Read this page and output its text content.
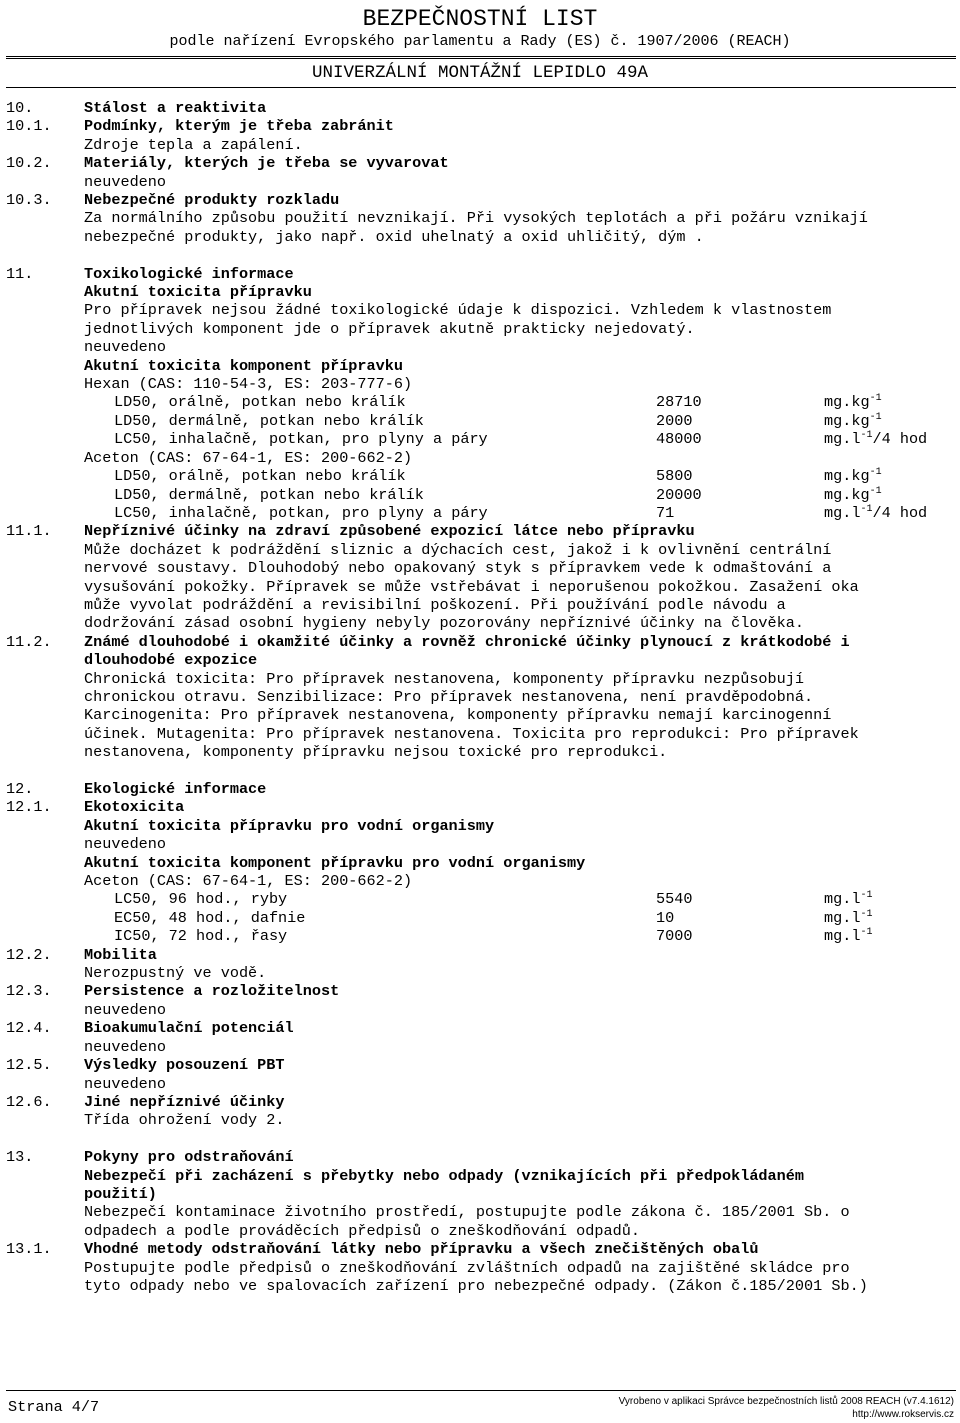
BEZPEČNOSTNÍ LIST
podle nařízení Evropského parlamentu a Rady (ES) č. 1907/2006 (REACH)
UNIVERZÁLNÍ MONTÁŽNÍ LEPIDLO 49A
10.	Stálost a reaktivita
10.1.	Podmínky, kterým je třeba zabránit
Zdroje tepla a zapálení.
10.2.	Materiály, kterých je třeba se vyvarovat
neuvedeno
10.3.	Nebezpečné produkty rozkladu
Za normálního způsobu použití nevznikají. Při vysokých teplotách a při požáru vznikají
nebezpečné produkty, jako např. oxid uhelnatý a oxid uhličitý, dým .
11.	Toxikologické informace
Akutní toxicita přípravku
Pro přípravek nejsou žádné toxikologické údaje k dispozici. Vzhledem k vlastnostem
jednotlivých komponent jde o přípravek akutně prakticky nejedovatý.
neuvedeno
Akutní toxicita komponent přípravku
Hexan (CAS: 110-54-3, ES: 203-777-6)
LD50, orálně, potkan nebo králík	28710	$mg.kg^{-1}$
LD50, dermálně, potkan nebo králík	2000	$mg.kg^{-1}$
LC50, inhalačně, potkan, pro plyny a páry	48000	$mg.l^{-1}/4$ hod
Aceton (CAS: 67-64-1, ES: 200-662-2)
LD50, orálně, potkan nebo králík	5800	$mg.kg^{-1}$
LD50, dermálně, potkan nebo králík	20000	$mg.kg^{-1}$
LC50, inhalačně, potkan, pro plyny a páry	71	$mg.l^{-1}/4$ hod
11.1.	Nepříznivé účinky na zdraví způsobené expozicí látce nebo přípravku
Může docházet k podráždění sliznic a dýchacích cest, jakož i k ovlivnění centrální
nervové soustavy. Dlouhodobý nebo opakovaný styk s přípravkem vede k odmaštování a
vysušování pokožky. Přípravek se může vstřebávat i neporušenou pokožkou. Zasažení oka
může vyvolat podráždění a revisibilní poškození. Při používání podle návodu a
dodržování zásad osobní hygieny nebyly pozorovány nepříznivé účinky na člověka.
11.2.	Známé dlouhodobé i okamžité účinky a rovněž chronické účinky plynoucí z krátkodobé i
dlouhodobé expozice
Chronická toxicita: Pro přípravek nestanovena, komponenty přípravku nezpůsobují
chronickou otravu. Senzibilizace: Pro přípravek nestanovena, není pravděpodobná.
Karcinogenita: Pro přípravek nestanovena, komponenty přípravku nemají karcinogenní
účinek. Mutagenita: Pro přípravek nestanovena. Toxicita pro reprodukci: Pro přípravek
nestanovena, komponenty přípravku nejsou toxické pro reprodukci.
12.	Ekologické informace
12.1.	Ekotoxicita
Akutní toxicita přípravku pro vodní organismy
neuvedeno
Akutní toxicita komponent přípravku pro vodní organismy
Aceton (CAS: 67-64-1, ES: 200-662-2)
LC50, 96 hod., ryby	5540	$mg.l^{-1}$
EC50, 48 hod., dafnie	10	$mg.l^{-1}$
IC50, 72 hod., řasy	7000	$mg.l^{-1}$
12.2.	Mobilita
Nerozpustný ve vodě.
12.3.	Persistence a rozložitelnost
neuvedeno
12.4.	Bioakumulační potenciál
neuvedeno
12.5.	Výsledky posouzení PBT
neuvedeno
12.6.	Jiné nepříznivé účinky
Třída ohrožení vody 2.
13.	Pokyny pro odstraňování
Nebezpečí při zacházení s přebytky nebo odpady (vznikajících při předpokládaném
použití)
Nebezpečí kontaminace životního prostředí, postupujte podle zákona č. 185/2001 Sb. o
odpadech a podle prováděcích předpisů o zneškodňování odpadů.
13.1.	Vhodné metody odstraňování látky nebo přípravku a všech znečištěných obalů
Postupujte podle předpisů o zneškodňování zvláštních odpadů na zajištěné skládce pro
tyto odpady nebo ve spalovacích zařízení pro nebezpečné odpady. (Zákon č.185/2001 Sb.)
Strana 4/7	Vyrobeno v aplikaci Správce bezpečnostních listů 2008 REACH (v7.4.1612)
http://www.rokservis.cz
